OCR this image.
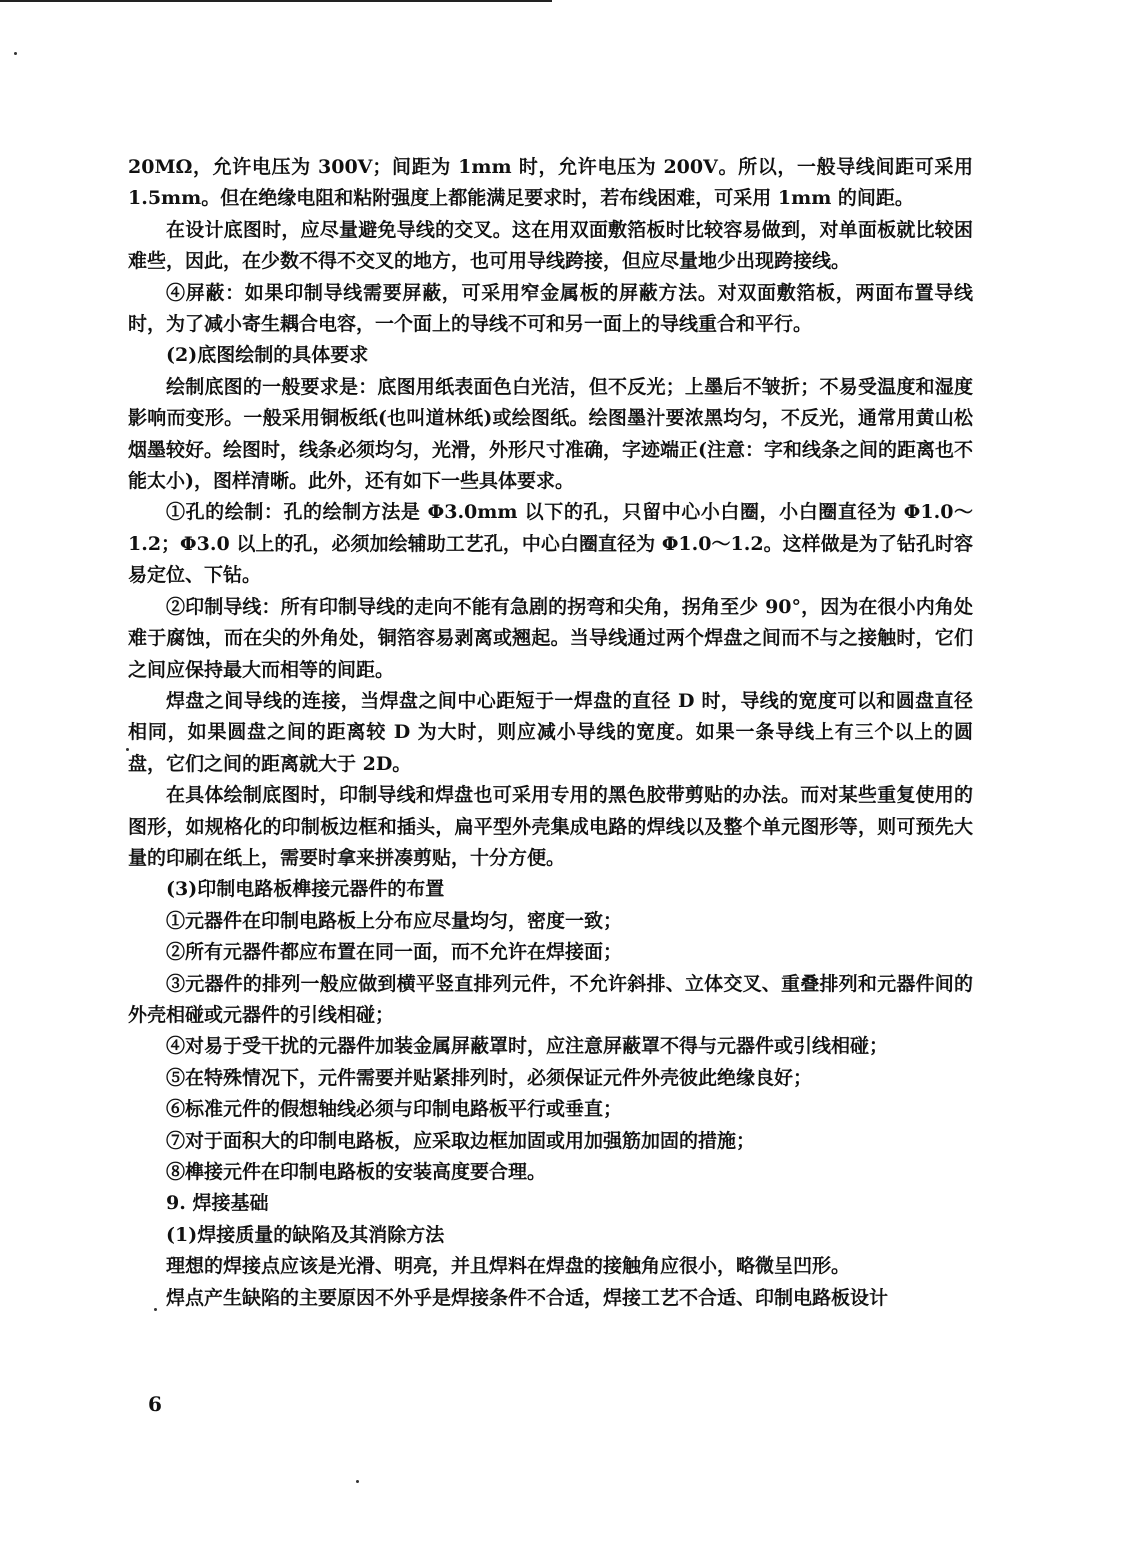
20MΩ，允许电压为 300V；间距为 1mm 时，允许电压为 200V。所以，一般导线间距可采用 1.5mm。但在绝缘电阻和粘附强度上都能满足要求时，若布线困难，可采用 1mm 的间距。

在设计底图时，应尽量避免导线的交叉。这在用双面敷箔板时比较容易做到，对单面板就比较困难些，因此，在少数不得不交叉的地方，也可用导线跨接，但应尽量地少出现跨接线。

④屏蔽：如果印制导线需要屏蔽，可采用窄金属板的屏蔽方法。对双面敷箔板，两面布置导线时，为了减小寄生耦合电容，一个面上的导线不可和另一面上的导线重合和平行。

(2)底图绘制的具体要求

绘制底图的一般要求是：底图用纸表面色白光洁，但不反光；上墨后不皱折；不易受温度和湿度影响而变形。一般采用铜板纸(也叫道林纸)或绘图纸。绘图墨汁要浓黑均匀，不反光，通常用黄山松烟墨较好。绘图时，线条必须均匀，光滑，外形尺寸准确，字迹端正(注意：字和线条之间的距离也不能太小)，图样清晰。此外，还有如下一些具体要求。

①孔的绘制：孔的绘制方法是 Φ3.0mm 以下的孔，只留中心小白圈，小白圈直径为 Φ1.0～1.2；Φ3.0 以上的孔，必须加绘辅助工艺孔，中心白圈直径为 Φ1.0～1.2。这样做是为了钻孔时容易定位、下钻。

②印制导线：所有印制导线的走向不能有急剧的拐弯和尖角，拐角至少 90°，因为在很小内角处难于腐蚀，而在尖的外角处，铜箔容易剥离或翘起。当导线通过两个焊盘之间而不与之接触时，它们之间应保持最大而相等的间距。

焊盘之间导线的连接，当焊盘之间中心距短于一焊盘的直径 D 时，导线的宽度可以和圆盘直径相同，如果圆盘之间的距离较 D 为大时，则应减小导线的宽度。如果一条导线上有三个以上的圆盘，它们之间的距离就大于 2D。

在具体绘制底图时，印制导线和焊盘也可采用专用的黑色胶带剪贴的办法。而对某些重复使用的图形，如规格化的印制板边框和插头，扁平型外壳集成电路的焊线以及整个单元图形等，则可预先大量的印刷在纸上，需要时拿来拼凑剪贴，十分方便。

(3)印制电路板榫接元器件的布置

①元器件在印制电路板上分布应尽量均匀，密度一致；

②所有元器件都应布置在同一面，而不允许在焊接面；

③元器件的排列一般应做到横平竖直排列元件，不允许斜排、立体交叉、重叠排列和元器件间的外壳相碰或元器件的引线相碰；

④对易于受干扰的元器件加装金属屏蔽罩时，应注意屏蔽罩不得与元器件或引线相碰；

⑤在特殊情况下，元件需要并贴紧排列时，必须保证元件外壳彼此绝缘良好；

⑥标准元件的假想轴线必须与印制电路板平行或垂直；

⑦对于面积大的印制电路板，应采取边框加固或用加强筋加固的措施；

⑧榫接元件在印制电路板的安装高度要合理。

9. 焊接基础

(1)焊接质量的缺陷及其消除方法

理想的焊接点应该是光滑、明亮，并且焊料在焊盘的接触角应很小，略微呈凹形。

焊点产生缺陷的主要原因不外乎是焊接条件不合适，焊接工艺不合适、印制电路板设计

6
